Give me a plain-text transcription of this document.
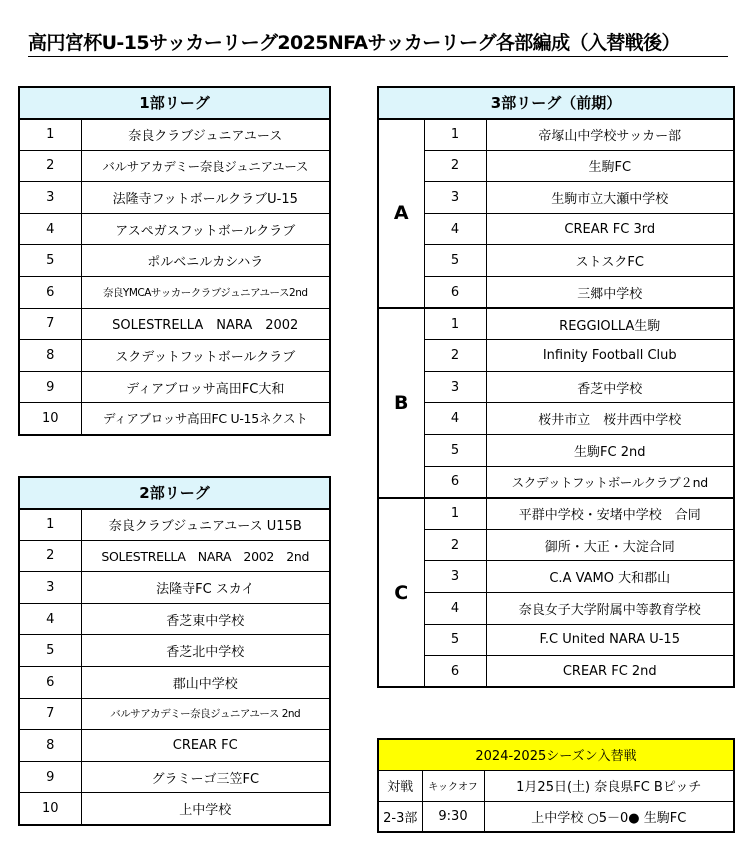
高円宮杯U-15サッカーリーグ2025NFAサッカーリーグ各部編成（入替戦後）
1部リーグ	
1	奈良クラブジュニアユース
2	バルサアカデミー奈良ジュニアユース
3	法隆寺フットボールクラブU-15
4	アスペガスフットボールクラブ
5	ポルベニルカシハラ
6	奈良YMCAサッカークラブジュニアユース2nd
7	SOLESTRELLA　NARA　2002
8	スクデットフットボールクラブ
9	ディアブロッサ高田FC大和
10	ディアブロッサ高田FC U-15ネクスト
2部リーグ	
1	奈良クラブジュニアユース U15B
2	SOLESTRELLA　NARA　2002　2nd
3	法隆寺FC スカイ
4	香芝東中学校
5	香芝北中学校
6	郡山中学校
7	バルサアカデミー奈良ジュニアユース 2nd
8	CREAR FC
9	グラミーゴ三笠FC
10	上中学校
3部リーグ（前期）		
A	1	帝塚山中学校サッカー部
	2	生駒FC
	3	生駒市立大瀬中学校
	4	CREAR FC 3rd
	5	ストスクFC
	6	三郷中学校
B	1	REGGIOLLA生駒
	2	Infinity Football Club
	3	香芝中学校
	4	桜井市立　桜井西中学校
	5	生駒FC 2nd
	6	スクデットフットボールクラブ２nd
C	1	平群中学校・安堵中学校　合同
	2	御所・大正・大淀合同
	3	C.A VAMO 大和郡山
	4	奈良女子大学附属中等教育学校
	5	F.C United NARA U-15
	6	CREAR FC 2nd
2024-2025シーズン入替戦		
対戦	キックオフ	1月25日(土) 奈良県FC Bピッチ
2-3部	9:30	上中学校 ○5－0● 生駒FC
